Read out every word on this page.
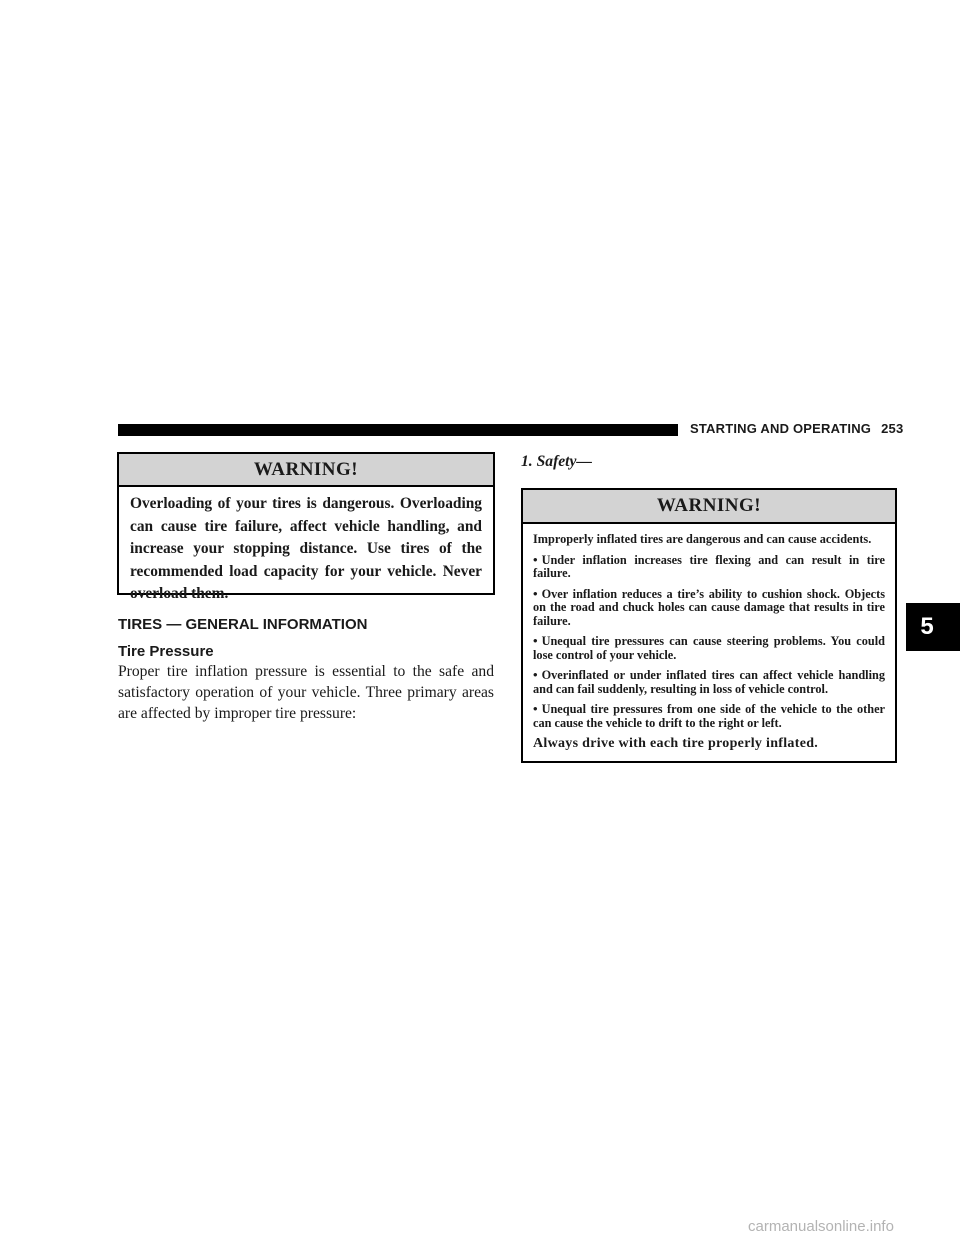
STARTING AND OPERATING 253
WARNING!
Overloading of your tires is dangerous. Overloading can cause tire failure, affect vehicle handling, and increase your stopping distance. Use tires of the recommended load capacity for your vehicle. Never overload them.
TIRES — GENERAL INFORMATION
Tire Pressure
Proper tire inflation pressure is essential to the safe and satisfactory operation of your vehicle. Three primary areas are affected by improper tire pressure:
1. Safety—
WARNING!
Improperly inflated tires are dangerous and can cause accidents.
• Under inflation increases tire flexing and can result in tire failure.
• Over inflation reduces a tire’s ability to cushion shock. Objects on the road and chuck holes can cause damage that results in tire failure.
• Unequal tire pressures can cause steering problems. You could lose control of your vehicle.
• Overinflated or under inflated tires can affect vehicle handling and can fail suddenly, resulting in loss of vehicle control.
• Unequal tire pressures from one side of the vehicle to the other can cause the vehicle to drift to the right or left.
Always drive with each tire properly inflated.
5
carmanualsonline.info
